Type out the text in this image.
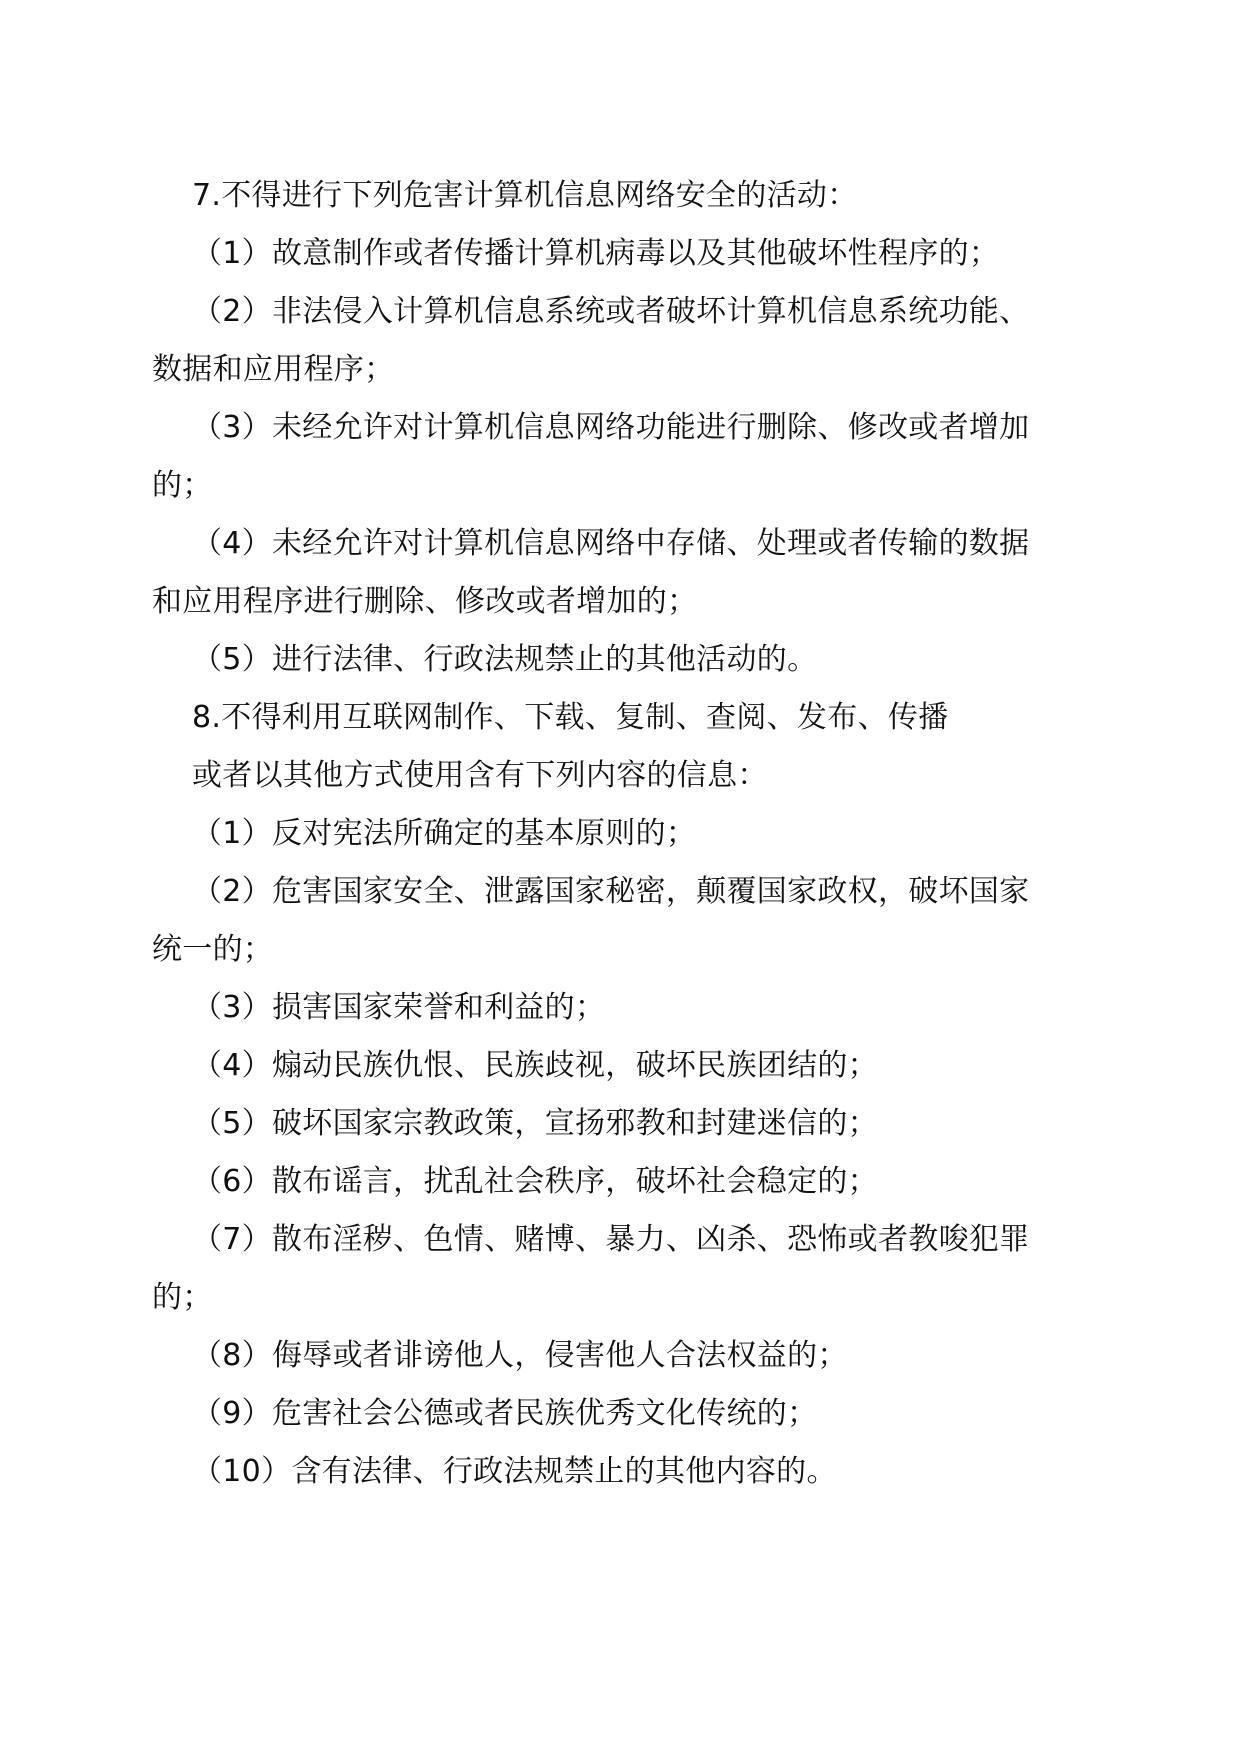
7.不得进行下列危害计算机信息网络安全的活动：
（1）故意制作或者传播计算机病毒以及其他破坏性程序的；
（2）非法侵入计算机信息系统或者破坏计算机信息系统功能、
数据和应用程序；
（3）未经允许对计算机信息网络功能进行删除、修改或者增加
的；
（4）未经允许对计算机信息网络中存储、处理或者传输的数据
和应用程序进行删除、修改或者增加的；
（5）进行法律、行政法规禁止的其他活动的。
8.不得利用互联网制作、下载、复制、查阅、发布、传播
或者以其他方式使用含有下列内容的信息：
（1）反对宪法所确定的基本原则的；
（2）危害国家安全、泄露国家秘密，颠覆国家政权，破坏国家
统一的；
（3）损害国家荣誉和利益的；
（4）煽动民族仇恨、民族歧视，破坏民族团结的；
（5）破坏国家宗教政策，宣扬邪教和封建迷信的；
（6）散布谣言，扰乱社会秩序，破坏社会稳定的；
（7）散布淫秽、色情、赌博、暴力、凶杀、恐怖或者教唆犯罪
的；
（8）侮辱或者诽谤他人，侵害他人合法权益的；
（9）危害社会公德或者民族优秀文化传统的；
（10）含有法律、行政法规禁止的其他内容的。
